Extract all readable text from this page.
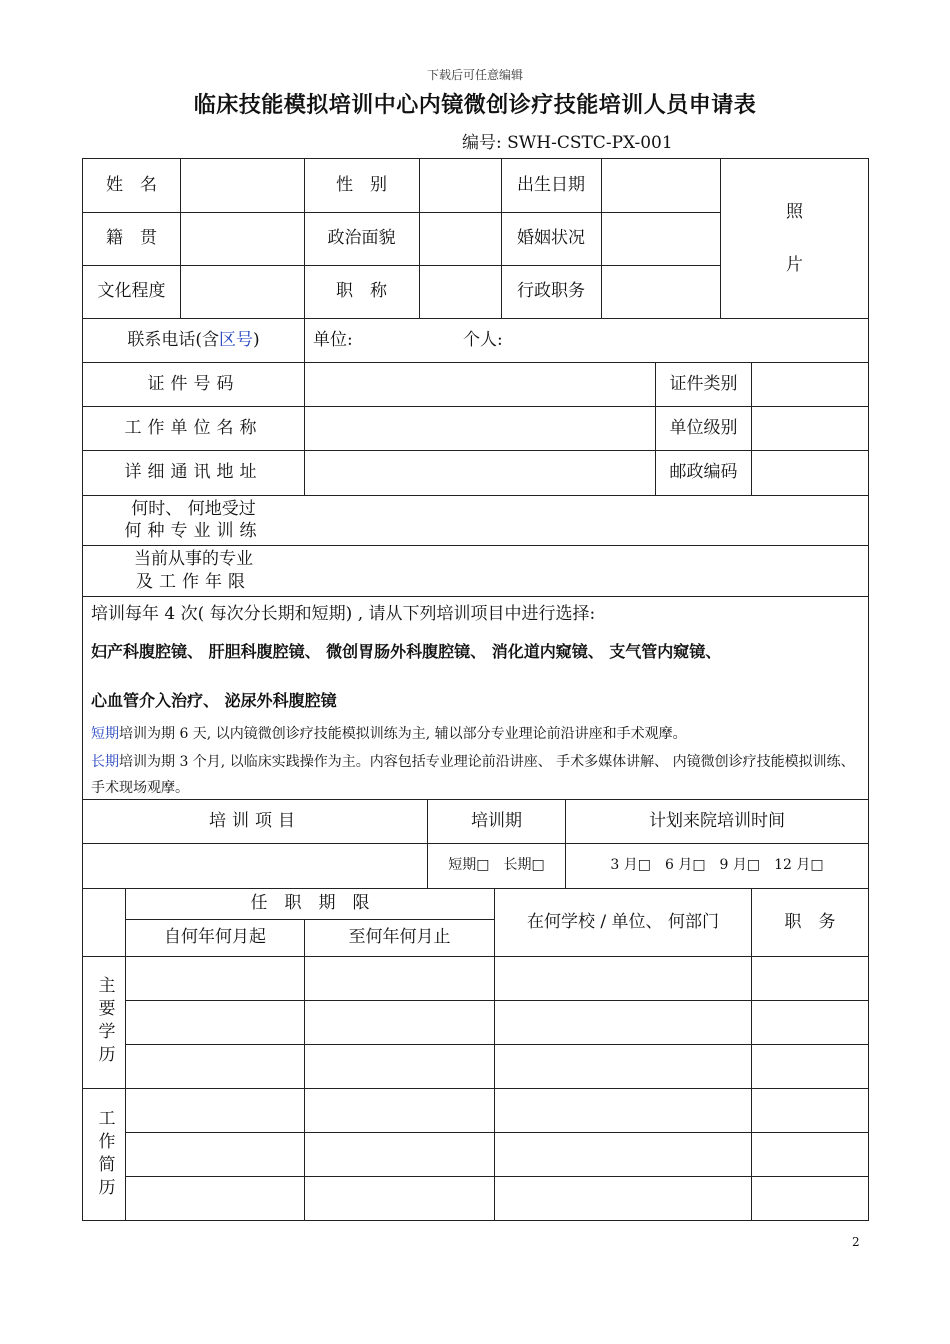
下载后可任意编辑
临床技能模拟培训中心内镜微创诊疗技能培训人员申请表
编号: SWH-CSTC-PX-001
姓　名	性　别	出生日期
照
片
籍　贯	政治面貌	婚姻状况
文化程度	职　称	行政职务
联系电话( 含 区号 )	单位:	个人:
证件号码	证件类别
工作单位名称	单位级别
详细通讯地址	邮政编码
何时、 何地受过
何种专业训练
当前从事的专业
及工作年限
培训每年 4 次( 每次分长期和短期) , 请从下列培训项目中进行选择:
妇产科腹腔镜、 肝胆科腹腔镜、 微创胃肠外科腹腔镜、 消化道内窥镜、 支气管内窥镜、
心血管介入治疗、 泌尿外科腹腔镜
短期培训为期 6 天, 以内镜微创诊疗技能模拟训练为主, 辅以部分专业理论前沿讲座和手术观摩。
长期培训为期 3 个月, 以临床实践操作为主。内容包括专业理论前沿讲座、 手术多媒体讲解、 内镜微创诊疗技能模拟训练、 手术现场观摩。
培训项目	培训期	计划来院培训时间
短期□　长期□	3 月□　6 月□　9 月□　12 月□
任　职　期　限
自何年何月起	至何年何月止
在何学校 / 单位、 何部门	职　务
主要学历
工作简历
2
